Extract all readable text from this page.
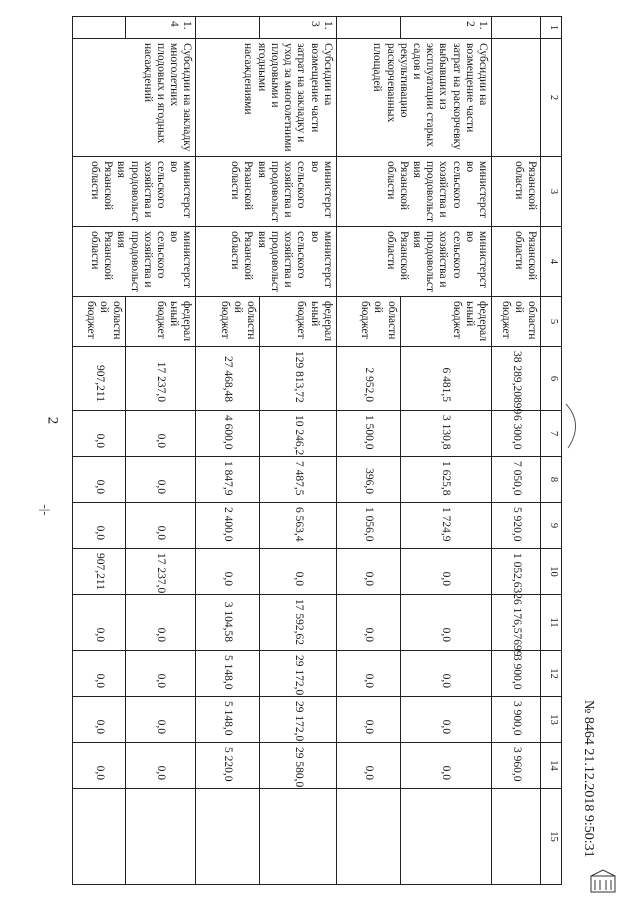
2
-|-
1	2	3	4	5	6	7	8	9	10	11	12	13	14	15
		Рязанской области	Рязанской области	областной бюджет	38 289,20899	6 300,0	7 050,0	5 920,0	1 052,632	6 176,57699	3 900,0	3 900,0	3 960,0	
1.2	Субсидии на возмещение части затрат на раскорчевку выбывших из эксплуатации старых садов и рекультивацию раскорчеванных площадей	министерство сельского хозяйства и продовольствия Рязанской области	министерство сельского хозяйства и продовольствия Рязанской области	федеральный бюджет	6 481,5	3 130,8	1 625,8	1 724,9	0,0	0,0	0,0	0,0	0,0	
				областной бюджет	2 952,0	1 500,0	396,0	1 056,0	0,0	0,0	0,0	0,0	0,0	
1.3	Субсидии на возмещение части затрат на закладку и уход за многолетними плодовыми и ягодными насаждениями	министерство сельского хозяйства и продовольствия Рязанской области	министерство сельского хозяйства и продовольствия Рязанской области	федеральный бюджет	129 813,72	10 246,2	7 487,5	6 563,4	0,0	17 592,62	29 172,0	29 172,0	29 580,0	
				областной бюджет	27 468,48	4 600,0	1 847,9	2 400,0	0,0	3 104,58	5 148,0	5 148,0	5 220,0	
1.4	Субсидии на закладку многолетних плодовых и ягодных насаждений	министерство сельского хозяйства и продовольствия Рязанской области	министерство сельского хозяйства и продовольствия Рязанской области	федеральный бюджет	17 237,0	0,0	0,0	0,0	17 237,0	0,0	0,0	0,0	0,0	
				областной бюджет	907,211	0,0	0,0	0,0	907,211	0,0	0,0	0,0	0,0		№ 8464 21.12.2018 9:50:31
